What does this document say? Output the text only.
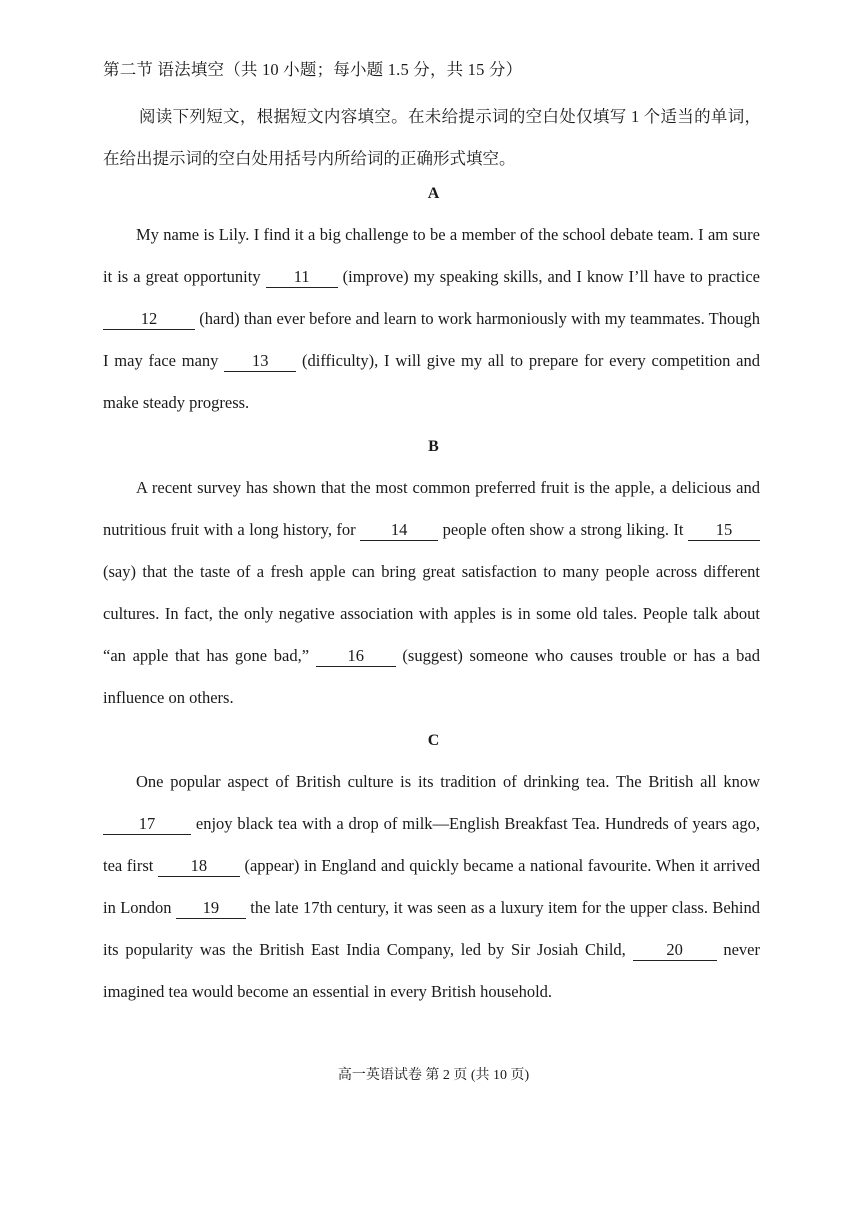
第二节 语法填空（共 10 小题；每小题 1.5 分，共 15 分）

阅读下列短文，根据短文内容填空。在未给提示词的空白处仅填写 1 个适当的单词，在给出提示词的空白处用括号内所给词的正确形式填空。

A

My name is Lily. I find it a big challenge to be a member of the school debate team. I am sure it is a great opportunity 11 (improve) my speaking skills, and I know I’ll have to practice 12 (hard) than ever before and learn to work harmoniously with my teammates. Though I may face many 13 (difficulty), I will give my all to prepare for every competition and make steady progress.

B

A recent survey has shown that the most common preferred fruit is the apple, a delicious and nutritious fruit with a long history, for 14 people often show a strong liking. It 15 (say) that the taste of a fresh apple can bring great satisfaction to many people across different cultures. In fact, the only negative association with apples is in some old tales. People talk about “an apple that has gone bad,” 16 (suggest) someone who causes trouble or has a bad influence on others.

C

One popular aspect of British culture is its tradition of drinking tea. The British all know 17 enjoy black tea with a drop of milk—English Breakfast Tea. Hundreds of years ago, tea first 18 (appear) in England and quickly became a national favourite. When it arrived in London 19 the late 17th century, it was seen as a luxury item for the upper class. Behind its popularity was the British East India Company, led by Sir Josiah Child, 20 never imagined tea would become an essential in every British household.

高一英语试卷 第 2 页 (共 10 页)
